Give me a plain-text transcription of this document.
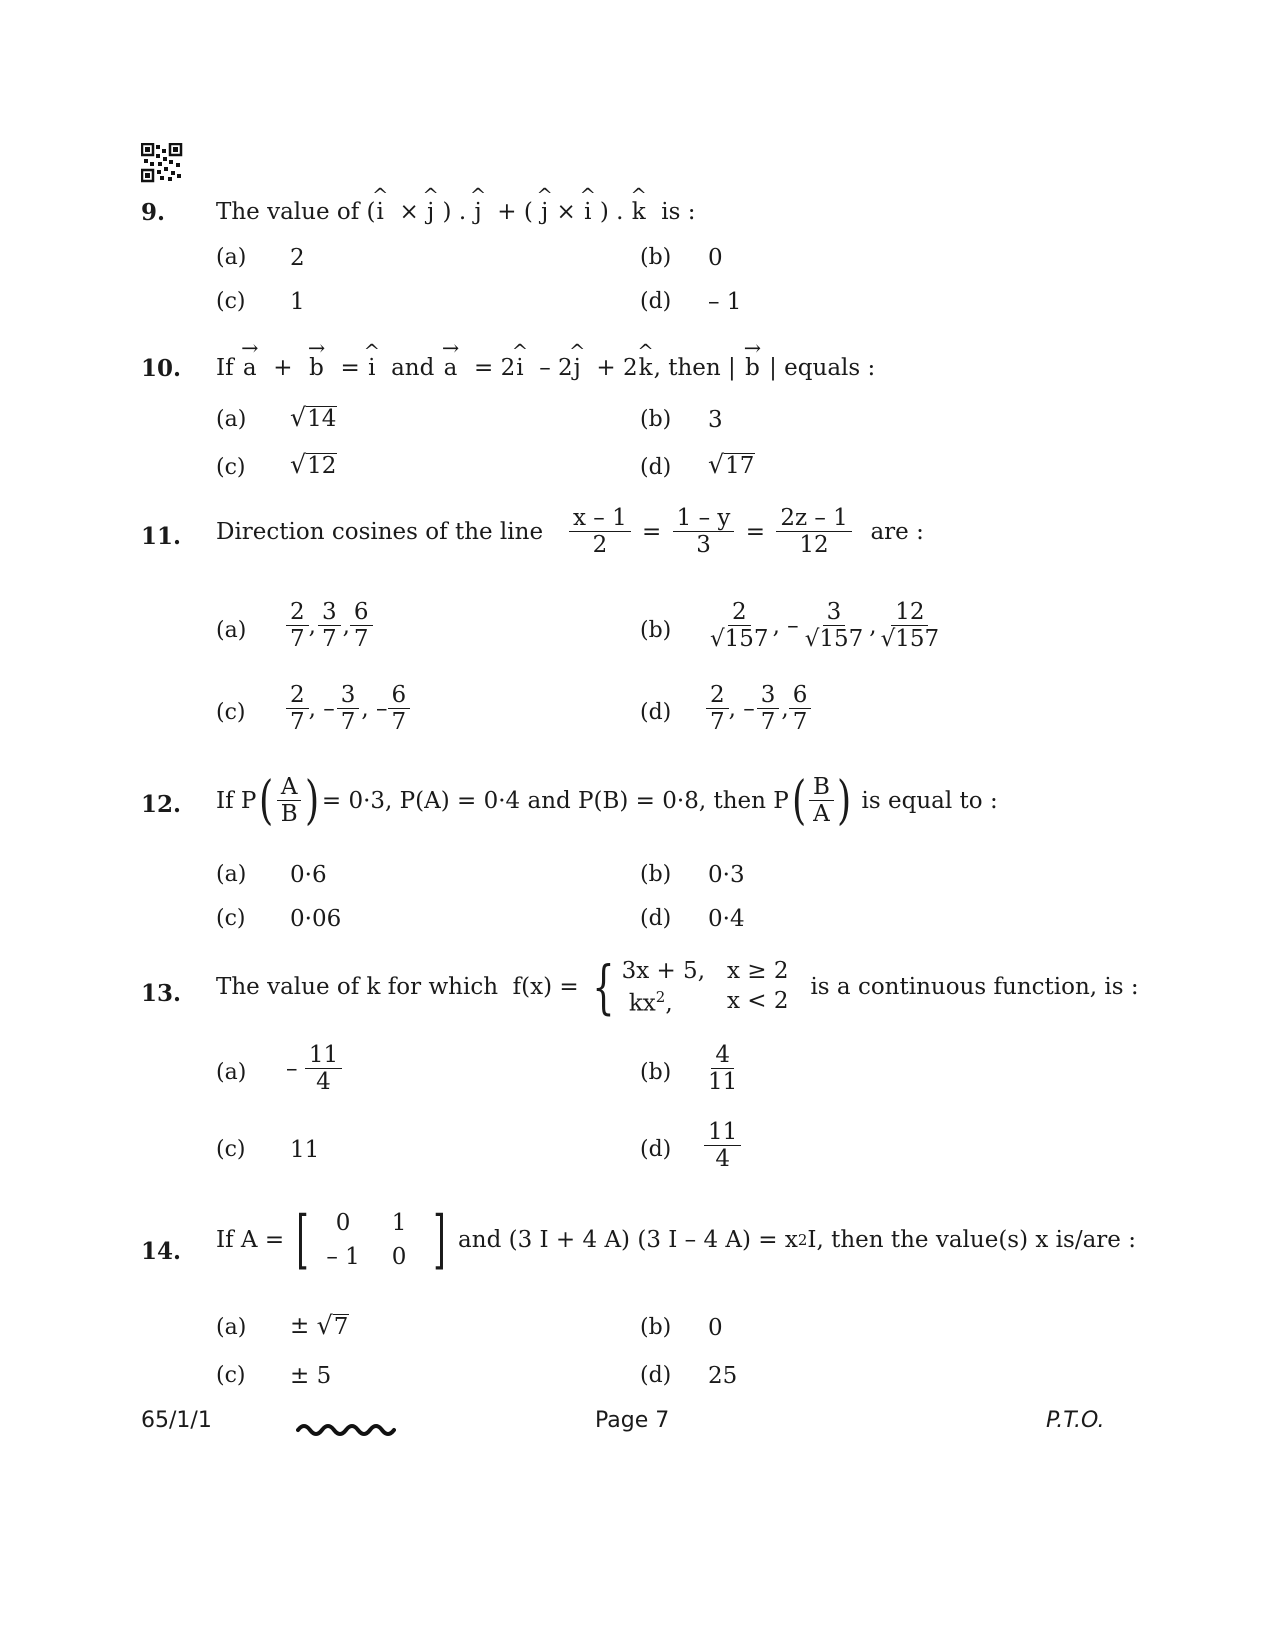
9. The value of ( ^ i × ^ j ) . ^ j + ( ^ j × ^ i ) . ^ k
is :
(a) 2	(b) 0
(c) 1	(d) – 1
10. If
→ a + → b = ^ i
and
→ a = 2 ^ i – 2 ^ j + 2 ^ k , then | → b | equals :
(a) √ 14	(b) 3
(c) √ 12	(d) √ 17
11. Direction cosines of the line
$\frac{x - 1}{2} = \frac{1 - y}{3} = \frac{2z - 1}{12}$
are :
$(a) \frac{2}{7}$ , $\frac{3}{7}$ , $\frac{6}{7}$	$(b) \frac{2}{√157}$ , – $\frac{3}{√157}$ , $\frac{12}{√157}$
$(c) \frac{2}{7}$ , – $\frac{3}{7}$ , – $\frac{6}{7}$	$(d) \frac{2}{7}$ , – $\frac{3}{7}$ , $\frac{6}{7}$
12. If P ( $\frac{A}{B}$ ) = 0·3, P(A) = 0·4 and P(B) = 0·8, then P ( $\frac{B}{A}$ )
is equal to :
(a) 0·6	(b) 0·3
(c) 0·06	(d) 0·4
13. The value of k for which
f(x) = { 3x + 5, x ≥ 2
$kx^2$,	x < 2

is a continuous function, is :
$(a) - \frac{11}{4}$	$(b) \frac{4}{11}$
(c) 11	$(d) \frac{11}{4}$
14. If A = [	0	1
– 1	0 ] and (3 I + 4 A) (3 I – 4 A) = x 2 I, then the value(s) x is/are :
(a) ±
√ 7	(b) 0
(c) ± 5	(d) 25
65/1/1	Page 7	P.T.O.
